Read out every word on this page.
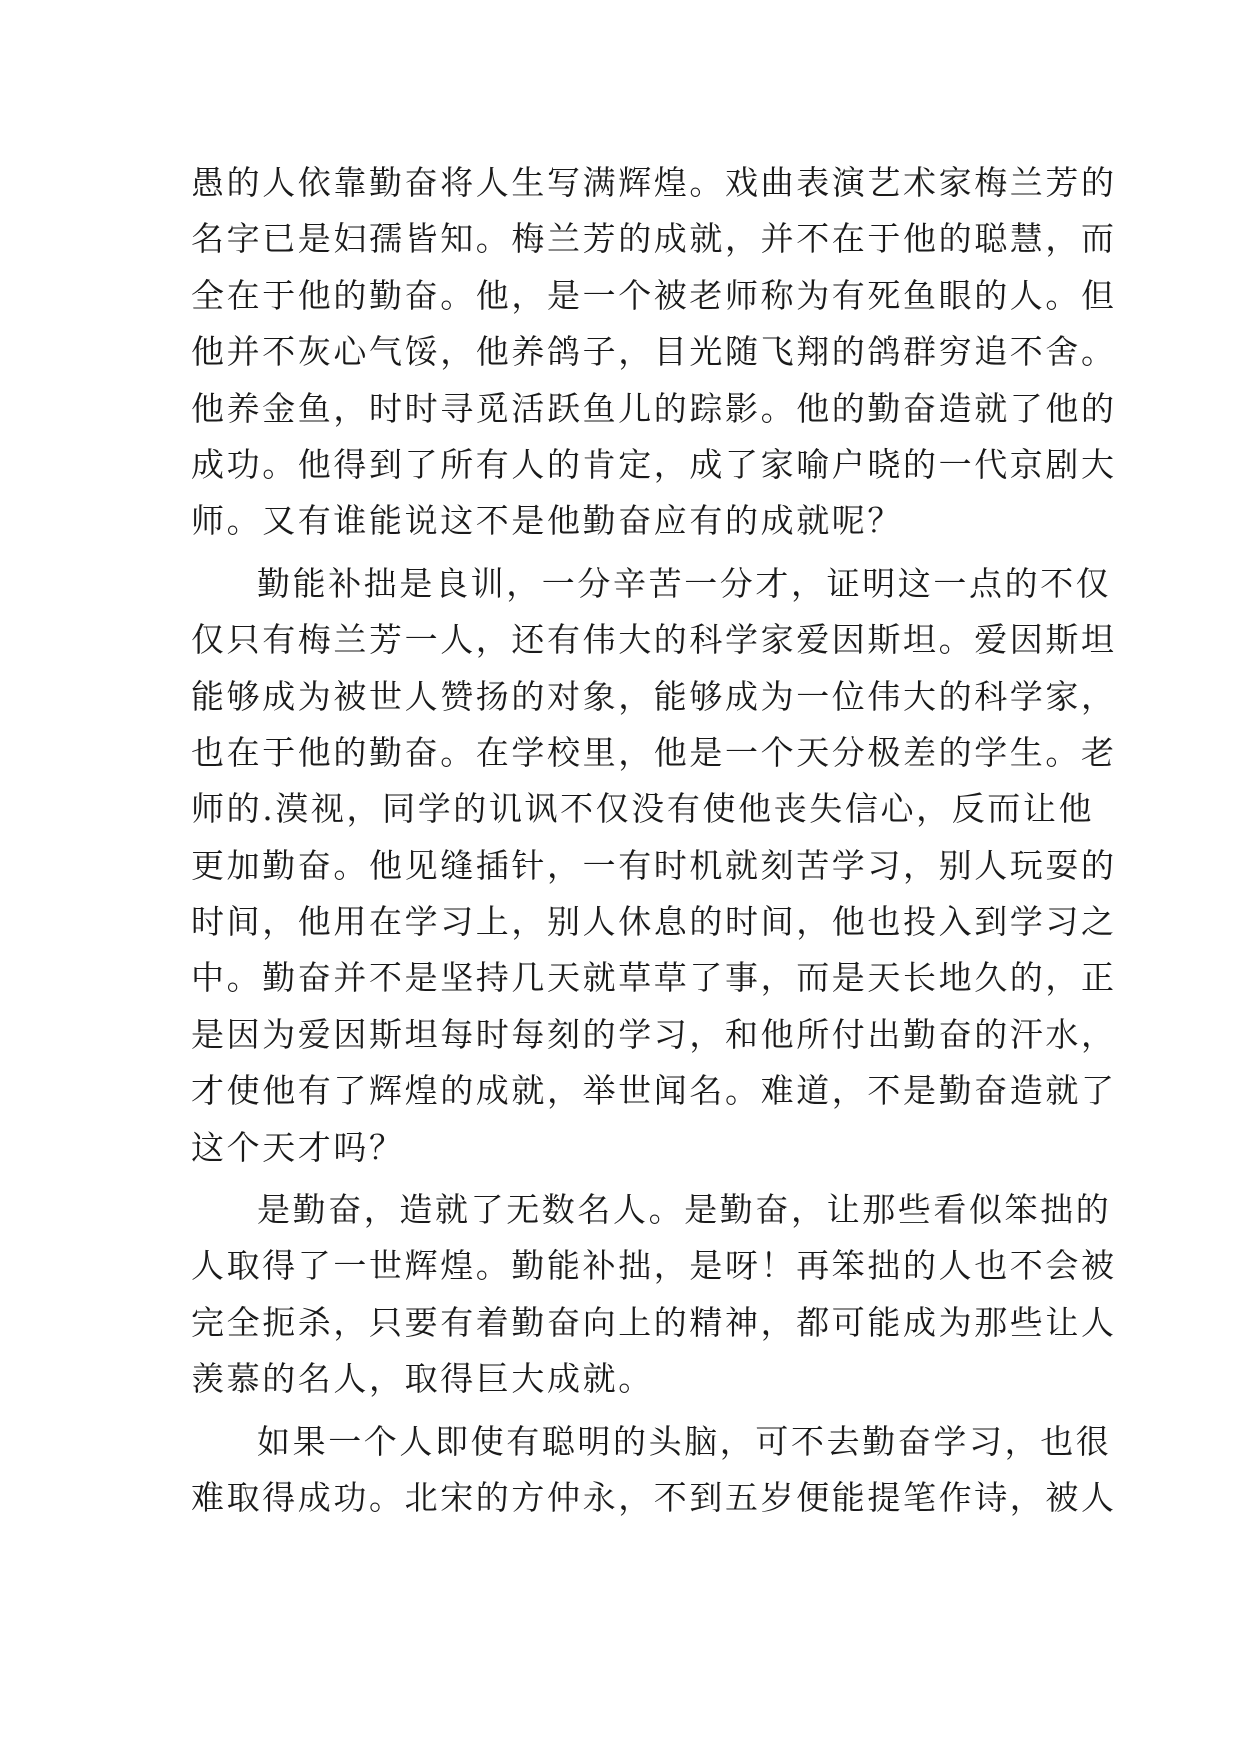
愚的人依靠勤奋将人生写满辉煌。戏曲表演艺术家梅兰芳的
名字已是妇孺皆知。梅兰芳的成就，并不在于他的聪慧，而
全在于他的勤奋。他，是一个被老师称为有死鱼眼的人。但
他并不灰心气馁，他养鸽子，目光随飞翔的鸽群穷追不舍。
他养金鱼，时时寻觅活跃鱼儿的踪影。他的勤奋造就了他的
成功。他得到了所有人的肯定，成了家喻户晓的一代京剧大
师。又有谁能说这不是他勤奋应有的成就呢？
勤能补拙是良训，一分辛苦一分才，证明这一点的不仅
仅只有梅兰芳一人，还有伟大的科学家爱因斯坦。爱因斯坦
能够成为被世人赞扬的对象，能够成为一位伟大的科学家，
也在于他的勤奋。在学校里，他是一个天分极差的学生。老
师的.漠视，同学的讥讽不仅没有使他丧失信心，反而让他
更加勤奋。他见缝插针，一有时机就刻苦学习，别人玩耍的
时间，他用在学习上，别人休息的时间，他也投入到学习之
中。勤奋并不是坚持几天就草草了事，而是天长地久的，正
是因为爱因斯坦每时每刻的学习，和他所付出勤奋的汗水，
才使他有了辉煌的成就，举世闻名。难道，不是勤奋造就了
这个天才吗？
是勤奋，造就了无数名人。是勤奋，让那些看似笨拙的
人取得了一世辉煌。勤能补拙，是呀！再笨拙的人也不会被
完全扼杀，只要有着勤奋向上的精神，都可能成为那些让人
羡慕的名人，取得巨大成就。
如果一个人即使有聪明的头脑，可不去勤奋学习，也很
难取得成功。北宋的方仲永，不到五岁便能提笔作诗，被人
